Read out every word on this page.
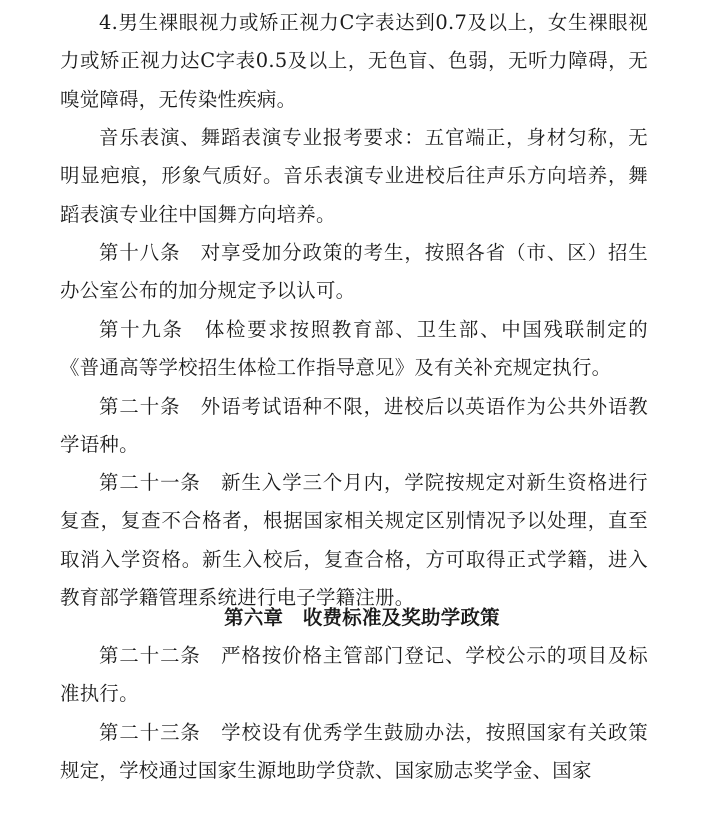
4.男生裸眼视力或矫正视力C字表达到0.7及以上，女生裸眼视力或矫正视力达C字表0.5及以上，无色盲、色弱，无听力障碍，无嗅觉障碍，无传染性疾病。

音乐表演、舞蹈表演专业报考要求：五官端正，身材匀称，无明显疤痕，形象气质好。音乐表演专业进校后往声乐方向培养，舞蹈表演专业往中国舞方向培养。

第十八条　对享受加分政策的考生，按照各省（市、区）招生办公室公布的加分规定予以认可。

第十九条　体检要求按照教育部、卫生部、中国残联制定的《普通高等学校招生体检工作指导意见》及有关补充规定执行。

第二十条　外语考试语种不限，进校后以英语作为公共外语教学语种。

第二十一条　新生入学三个月内，学院按规定对新生资格进行复查，复查不合格者，根据国家相关规定区别情况予以处理，直至取消入学资格。新生入校后，复查合格，方可取得正式学籍，进入教育部学籍管理系统进行电子学籍注册。

第六章　收费标准及奖助学政策

第二十二条　严格按价格主管部门登记、学校公示的项目及标准执行。

第二十三条　学校设有优秀学生鼓励办法，按照国家有关政策规定，学校通过国家生源地助学贷款、国家励志奖学金、国家
